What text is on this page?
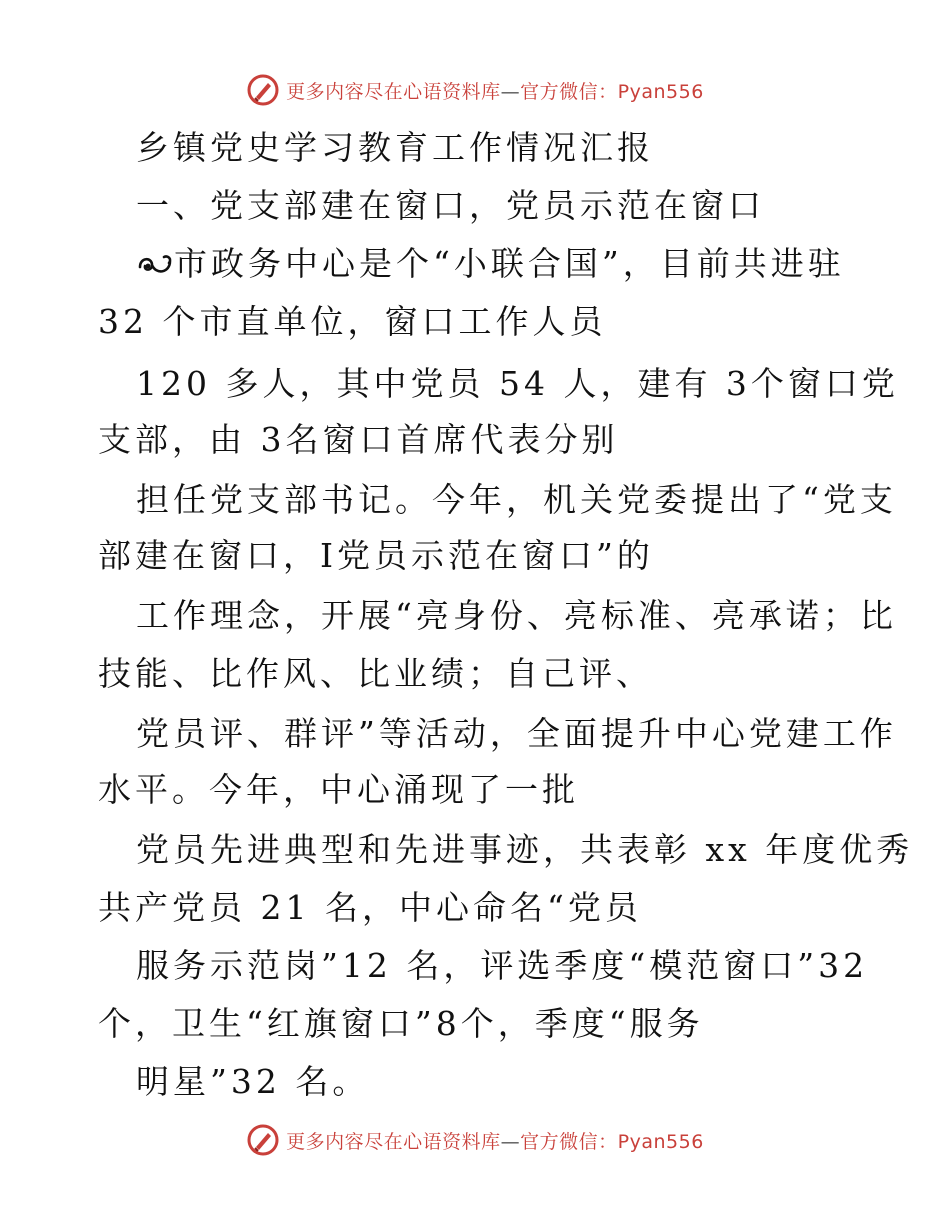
更多内容尽在心语资料库—官方微信：Pyan556
乡镇党史学习教育工作情况汇报
一、党支部建在窗口，党员示范在窗口
市政务中心是个“小联合国”，目前共进驻
32 个市直单位，窗口工作人员
120 多人，其中党员 54 人，建有 3个窗口党
支部，由 3名窗口首席代表分别
担任党支部书记。今年，机关党委提出了“党支
部建在窗口，I党员示范在窗口”的
工作理念，开展“亮身份、亮标准、亮承诺；比
技能、比作风、比业绩；自己评、
党员评、群评”等活动，全面提升中心党建工作
水平。今年，中心涌现了一批
党员先进典型和先进事迹，共表彰 xx 年度优秀
共产党员 21 名，中心命名“党员
服务示范岗”12 名，评选季度“模范窗口”32
个，卫生“红旗窗口”8个，季度“服务
明星”32 名。
更多内容尽在心语资料库—官方微信：Pyan556
